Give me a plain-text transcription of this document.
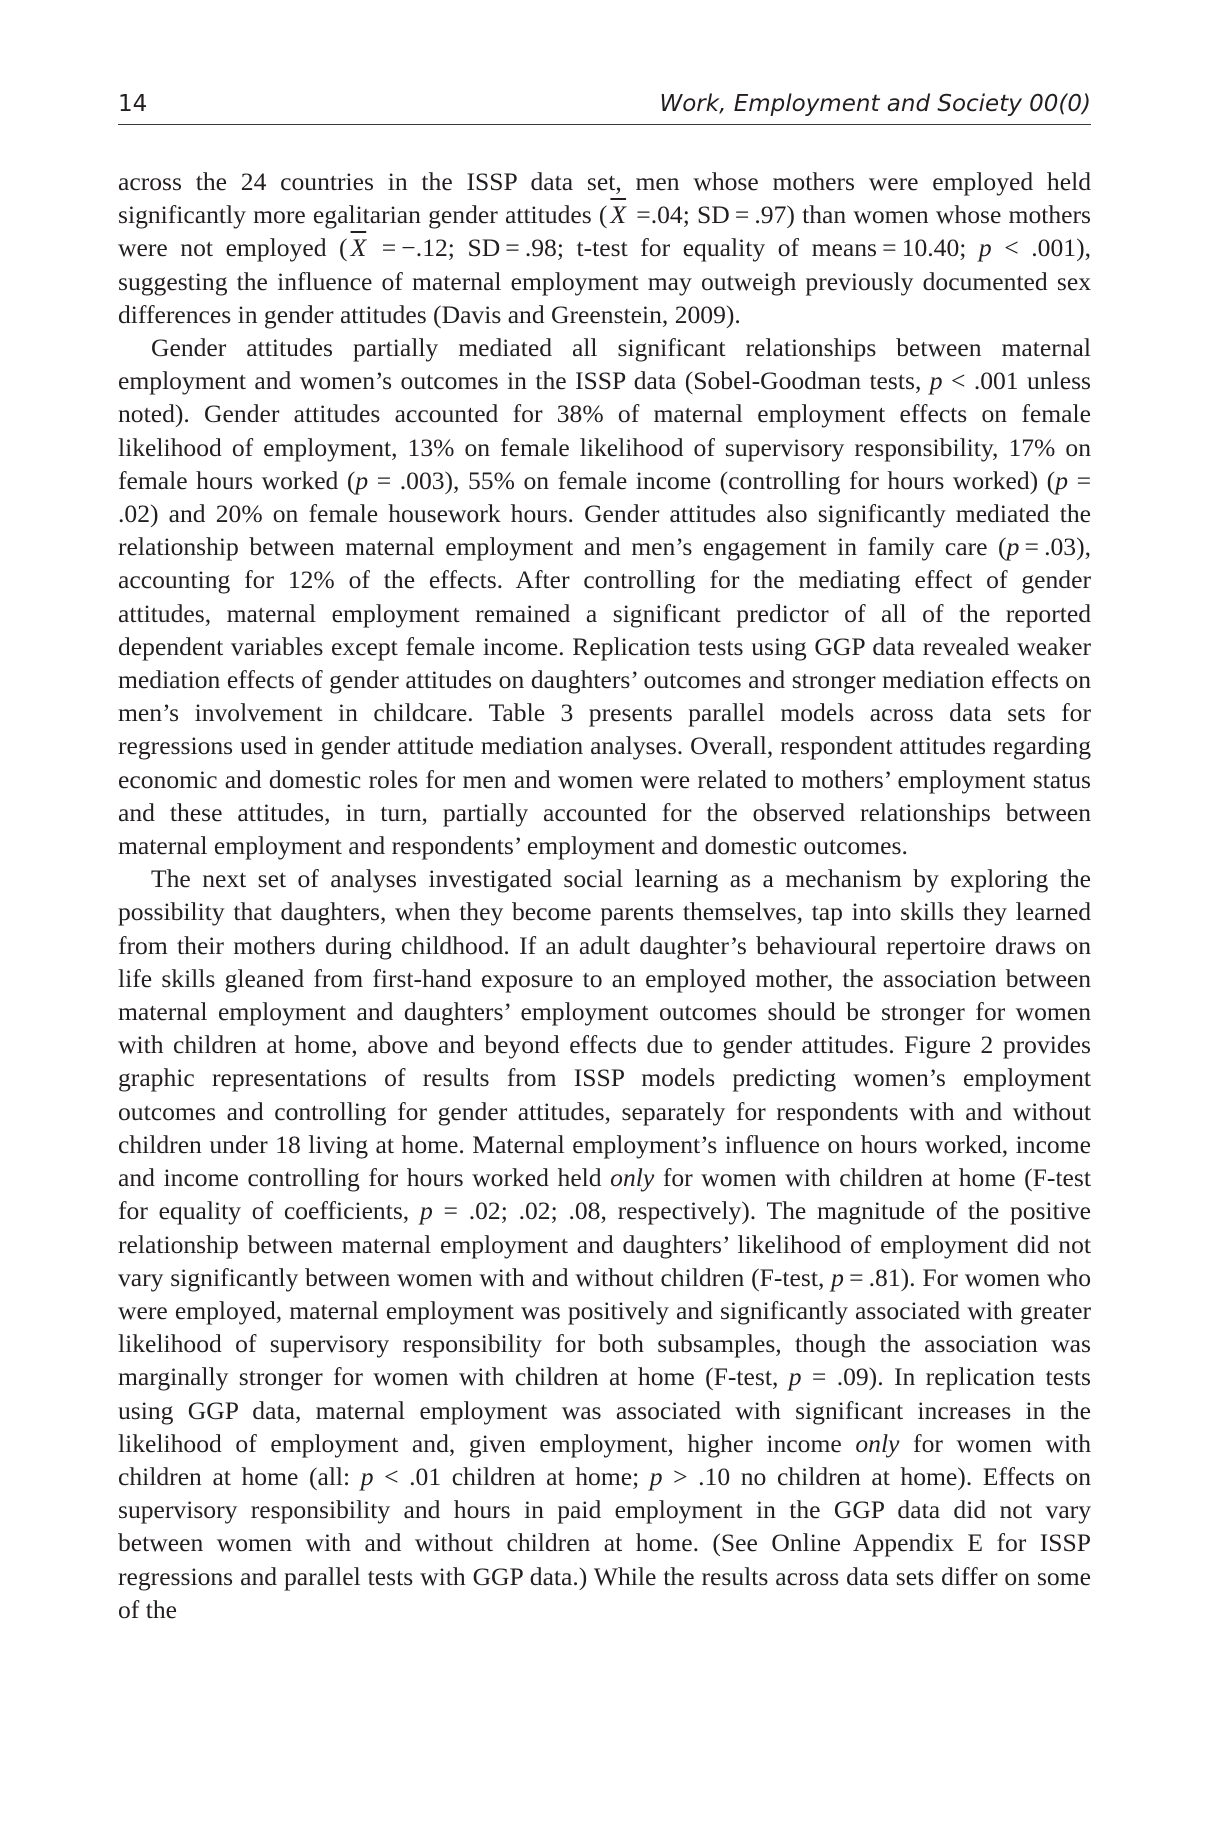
14	Work, Employment and Society 00(0)

across the 24 countries in the ISSP data set, men whose mothers were employed held significantly more egalitarian gender attitudes ( $\overline{X} =.04$; SD = .97) than women whose mothers were not employed ( $\overline{X} = -.12$; SD = .98; t-test for equality of means = 10.40; p < .001), suggesting the influence of maternal employment may outweigh previously documented sex differences in gender attitudes (Davis and Greenstein, 2009).

Gender attitudes partially mediated all significant relationships between maternal employment and women’s outcomes in the ISSP data (Sobel-Goodman tests, p < .001 unless noted). Gender attitudes accounted for 38% of maternal employment effects on female likelihood of employment, 13% on female likelihood of supervisory responsibility, 17% on female hours worked (p = .003), 55% on female income (controlling for hours worked) (p = .02) and 20% on female housework hours. Gender attitudes also significantly mediated the relationship between maternal employment and men’s engagement in family care (p = .03), accounting for 12% of the effects. After controlling for the mediating effect of gender attitudes, maternal employment remained a significant predictor of all of the reported dependent variables except female income. Replication tests using GGP data revealed weaker mediation effects of gender attitudes on daughters’ outcomes and stronger mediation effects on men’s involvement in childcare. Table 3 presents parallel models across data sets for regressions used in gender attitude mediation analyses. Overall, respondent attitudes regarding economic and domestic roles for men and women were related to mothers’ employment status and these attitudes, in turn, partially accounted for the observed relationships between maternal employment and respondents’ employment and domestic outcomes.

The next set of analyses investigated social learning as a mechanism by exploring the possibility that daughters, when they become parents themselves, tap into skills they learned from their mothers during childhood. If an adult daughter’s behavioural repertoire draws on life skills gleaned from first-hand exposure to an employed mother, the association between maternal employment and daughters’ employment outcomes should be stronger for women with children at home, above and beyond effects due to gender attitudes. Figure 2 provides graphic representations of results from ISSP models predicting women’s employment outcomes and controlling for gender attitudes, separately for respondents with and without children under 18 living at home. Maternal employment’s influence on hours worked, income and income controlling for hours worked held only for women with children at home (F-test for equality of coefficients, p = .02; .02; .08, respectively). The magnitude of the positive relationship between maternal employment and daughters’ likelihood of employment did not vary significantly between women with and without children (F-test, p = .81). For women who were employed, maternal employment was positively and significantly associated with greater likelihood of supervisory responsibility for both subsamples, though the association was marginally stronger for women with children at home (F-test, p = .09). In replication tests using GGP data, maternal employment was associated with significant increases in the likelihood of employment and, given employment, higher income only for women with children at home (all: p < .01 children at home; p > .10 no children at home). Effects on supervisory responsibility and hours in paid employment in the GGP data did not vary between women with and without children at home. (See Online Appendix E for ISSP regressions and parallel tests with GGP data.) While the results across data sets differ on some of the
